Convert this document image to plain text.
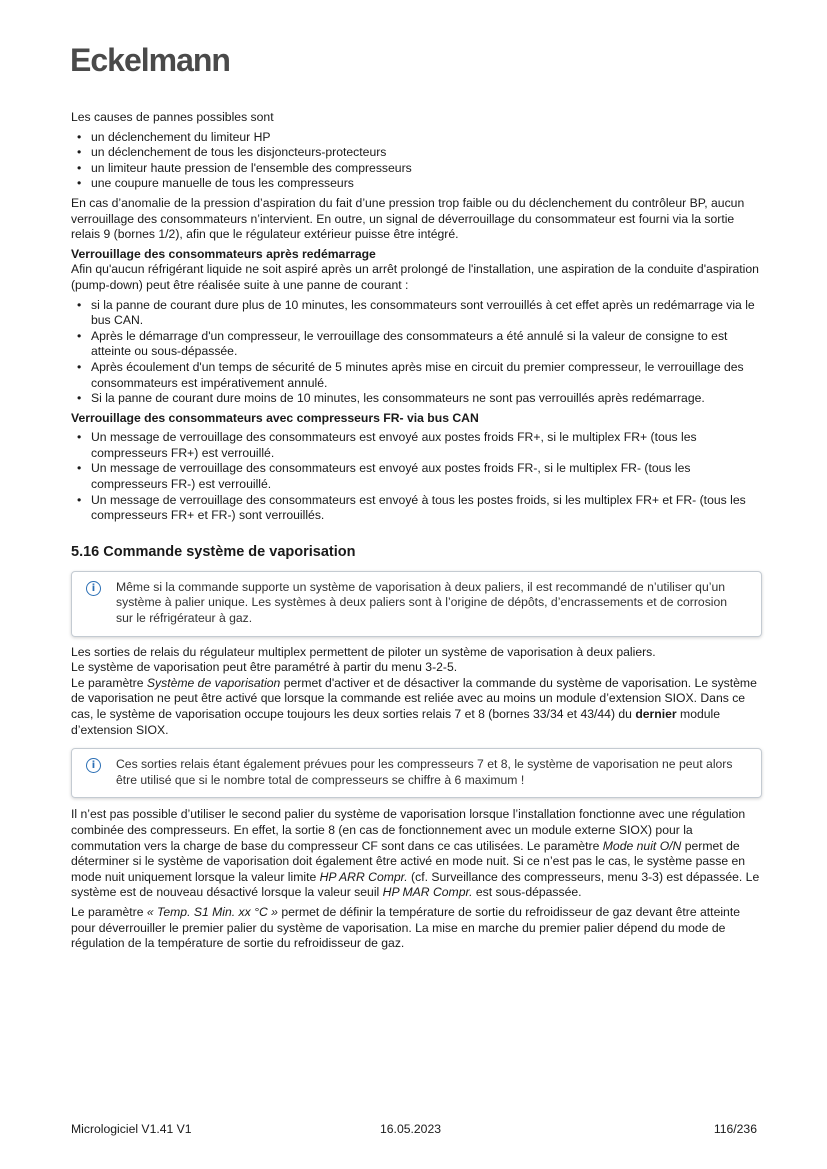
Eckelmann

Les causes de pannes possibles sont

• un déclenchement du limiteur HP
• un déclenchement de tous les disjoncteurs-protecteurs
• un limiteur haute pression de l'ensemble des compresseurs
• une coupure manuelle de tous les compresseurs

En cas d’anomalie de la pression d’aspiration du fait d’une pression trop faible ou du déclenchement du contrôleur BP, aucun verrouillage des consommateurs n’intervient. En outre, un signal de déverrouillage du consommateur est fourni via la sortie relais 9 (bornes 1/2), afin que le régulateur extérieur puisse être intégré.

Verrouillage des consommateurs après redémarrage

Afin qu'aucun réfrigérant liquide ne soit aspiré après un arrêt prolongé de l'installation, une aspiration de la conduite d'aspiration (pump-down) peut être réalisée suite à une panne de courant :

• si la panne de courant dure plus de 10 minutes, les consommateurs sont verrouillés à cet effet après un redémarrage via le bus CAN.
• Après le démarrage d'un compresseur, le verrouillage des consommateurs a été annulé si la valeur de consigne to est atteinte ou sous-dépassée.
• Après écoulement d'un temps de sécurité de 5 minutes après mise en circuit du premier compresseur, le verrouillage des consommateurs est impérativement annulé.
• Si la panne de courant dure moins de 10 minutes, les consommateurs ne sont pas verrouillés après redémarrage.
Verrouillage des consommateurs avec compresseurs FR- via bus CAN
• Un message de verrouillage des consommateurs est envoyé aux postes froids FR+, si le multiplex FR+ (tous les compresseurs FR+) est verrouillé.
• Un message de verrouillage des consommateurs est envoyé aux postes froids FR-, si le multiplex FR- (tous les compresseurs FR-) est verrouillé.
• Un message de verrouillage des consommateurs est envoyé à tous les postes froids, si les multiplex FR+ et FR- (tous les compresseurs FR+ et FR-) sont verrouillés.
5.16 Commande système de vaporisation
i	Même si la commande supporte un système de vaporisation à deux paliers, il est recommandé de n’utiliser qu’un système à palier unique. Les systèmes à deux paliers sont à l’origine de dépôts, d’encrassements et de corrosion sur le réfrigérateur à gaz.

Les sorties de relais du régulateur multiplex permettent de piloter un système de vaporisation à deux paliers.
Le système de vaporisation peut être paramétré à partir du menu 3-2-5.
Le paramètre Système de vaporisation permet d'activer et de désactiver la commande du système de vaporisation. Le système de vaporisation ne peut être activé que lorsque la commande est reliée avec au moins un module d’extension SIOX. Dans ce cas, le système de vaporisation occupe toujours les deux sorties relais 7 et 8 (bornes 33/34 et 43/44) du dernier module d’extension SIOX.

i	Ces sorties relais étant également prévues pour les compresseurs 7 et 8, le système de vaporisation ne peut alors être utilisé que si le nombre total de compresseurs se chiffre à 6 maximum !

Il n’est pas possible d’utiliser le second palier du système de vaporisation lorsque l’installation fonctionne avec une régulation combinée des compresseurs. En effet, la sortie 8 (en cas de fonctionnement avec un module externe SIOX) pour la commutation vers la charge de base du compresseur CF sont dans ce cas utilisées. Le paramètre Mode nuit O/N permet de déterminer si le système de vaporisation doit également être activé en mode nuit. Si ce n’est pas le cas, le système passe en mode nuit uniquement lorsque la valeur limite HP ARR Compr. (cf. Surveillance des compresseurs, menu 3-3) est dépassée. Le système est de nouveau désactivé lorsque la valeur seuil HP MAR Compr. est sous-dépassée.

Le paramètre « Temp. S1 Min. xx °C » permet de définir la température de sortie du refroidisseur de gaz devant être atteinte pour déverrouiller le premier palier du système de vaporisation. La mise en marche du premier palier dépend du mode de régulation de la température de sortie du refroidisseur de gaz.

Micrologiciel V1.41 V1	16.05.2023	116/236
